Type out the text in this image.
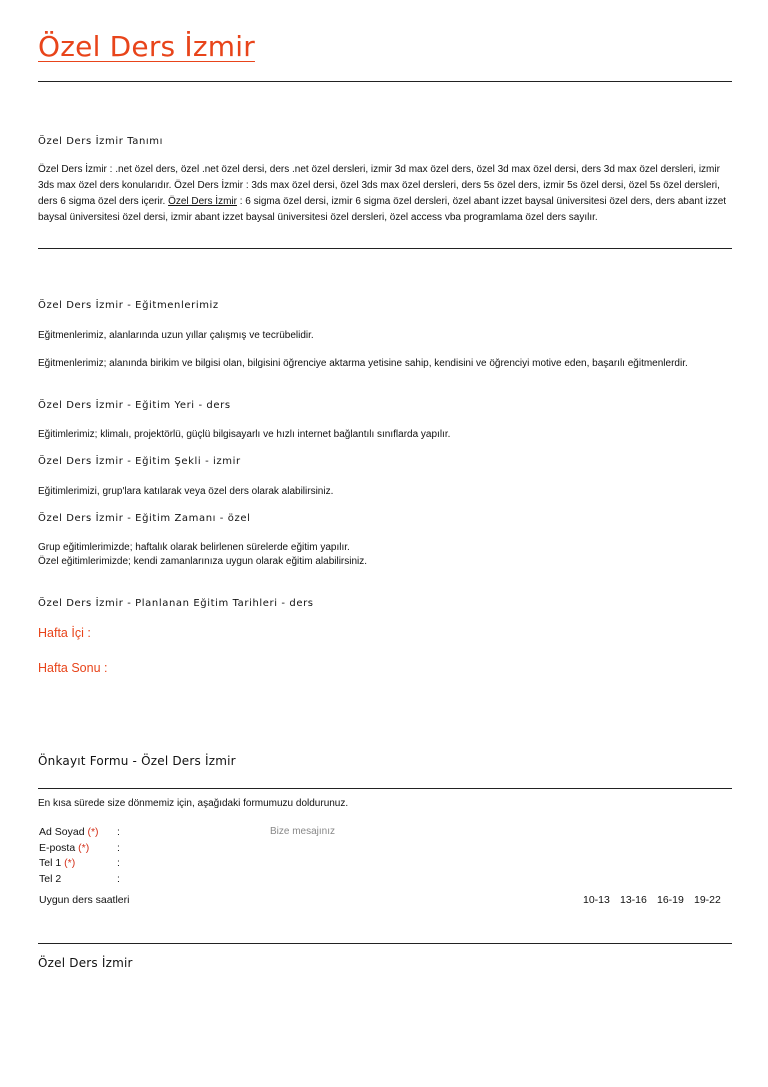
Özel Ders İzmir
Özel Ders İzmir Tanımı
Özel Ders İzmir : .net özel ders, özel .net özel dersi, ders .net özel dersleri, izmir 3d max özel ders, özel 3d max özel dersi, ders 3d max özel dersleri, izmir 3ds max özel ders konularıdır. Özel Ders İzmir : 3ds max özel dersi, özel 3ds max özel dersleri, ders 5s özel ders, izmir 5s özel dersi, özel 5s özel dersleri, ders 6 sigma özel ders içerir. Özel Ders İzmir : 6 sigma özel dersi, izmir 6 sigma özel dersleri, özel abant izzet baysal üniversitesi özel ders, ders abant izzet baysal üniversitesi özel dersi, izmir abant izzet baysal üniversitesi özel dersleri, özel access vba programlama özel ders sayılır.
Özel Ders İzmir - Eğitmenlerimiz
Eğitmenlerimiz, alanlarında uzun yıllar çalışmış ve tecrübelidir.
Eğitmenlerimiz; alanında birikim ve bilgisi olan, bilgisini öğrenciye aktarma yetisine sahip, kendisini ve öğrenciyi motive eden, başarılı eğitmenlerdir.
Özel Ders İzmir - Eğitim Yeri - ders
Eğitimlerimiz; klimalı, projektörlü, güçlü bilgisayarlı ve hızlı internet bağlantılı sınıflarda yapılır.
Özel Ders İzmir - Eğitim Şekli - izmir
Eğitimlerimizi, grup'lara katılarak veya özel ders olarak alabilirsiniz.
Özel Ders İzmir - Eğitim Zamanı - özel
Grup eğitimlerimizde; haftalık olarak belirlenen sürelerde eğitim yapılır.
Özel eğitimlerimizde; kendi zamanlarınıza uygun olarak eğitim alabilirsiniz.
Özel Ders İzmir - Planlanan Eğitim Tarihleri - ders
Hafta İçi :
Hafta Sonu :
Önkayıt Formu - Özel Ders İzmir
En kısa sürede size dönmemiz için, aşağıdaki formumuzu doldurunuz.
Ad Soyad (*) :
E-posta (*)	:
Tel 1 (*)	:
Tel 2	:
Bize mesajınız
Uygun ders saatleri	10-13 13-16 16-19 19-22
Özel Ders İzmir
